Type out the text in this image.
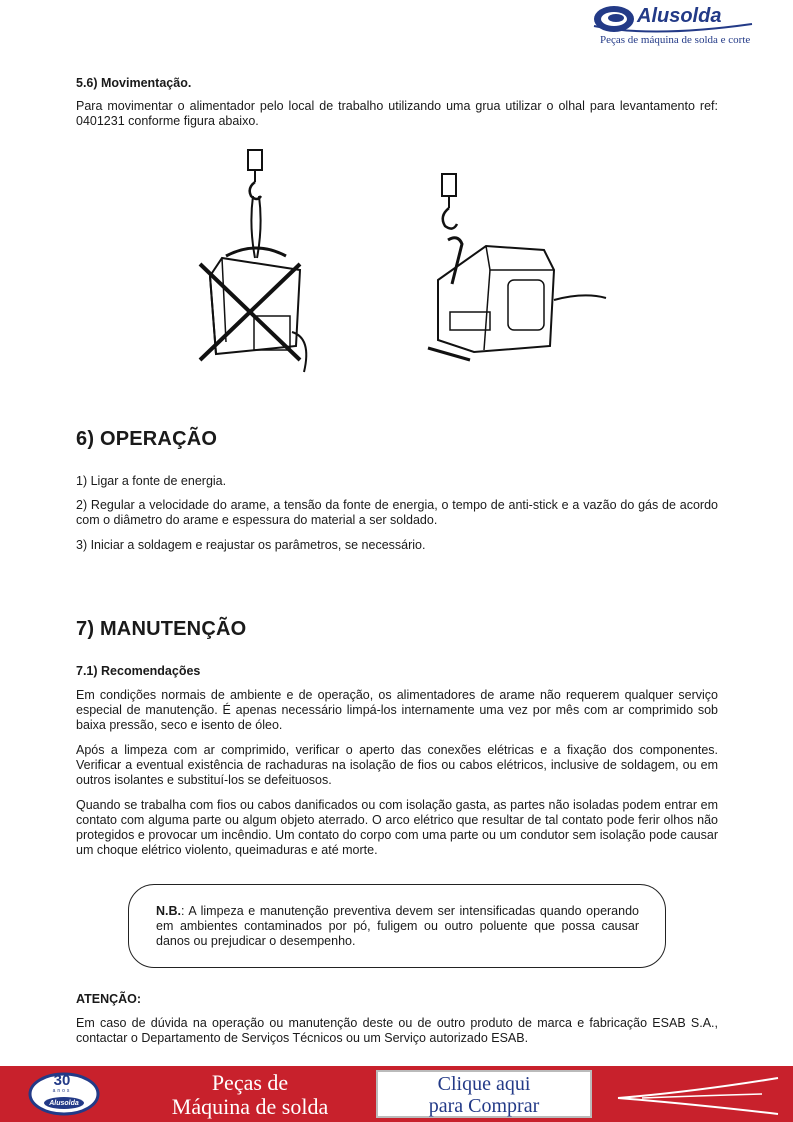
Alusolda
Peças de máquina de solda e corte
5.6) Movimentação.
Para movimentar o alimentador pelo local de trabalho utilizando uma grua utilizar o olhal para levantamento ref: 0401231 conforme figura abaixo.
6) OPERAÇÃO
1) Ligar a fonte de energia.
2) Regular a velocidade do arame, a tensão da fonte de energia, o tempo de anti-stick e a vazão do gás de acordo com o diâmetro do arame e espessura do material a ser soldado.
3) Iniciar a soldagem e reajustar os parâmetros, se necessário.
7) MANUTENÇÃO
7.1) Recomendações
Em condições normais de ambiente e de operação, os alimentadores de arame não requerem qualquer serviço especial de manutenção. É apenas necessário limpá-los internamente uma vez por mês com ar comprimido sob baixa pressão, seco e isento de óleo.
Após a limpeza com ar comprimido, verificar o aperto das conexões elétricas e a fixação dos componentes. Verificar a eventual existência de rachaduras na isolação de fios ou cabos elétricos, inclusive de soldagem, ou em outros isolantes e substituí-los se defeituosos.
Quando se trabalha com fios ou cabos danificados ou com isolação gasta, as partes não isoladas podem entrar em contato com alguma parte ou algum objeto aterrado. O arco elétrico que resultar de tal contato pode ferir olhos não protegidos e provocar um incêndio. Um contato do corpo com uma parte ou um condutor sem isolação pode causar um choque elétrico violento, queimaduras e até morte.
N.B.: A limpeza e manutenção preventiva devem ser intensificadas quando operando em ambientes contaminados por pó, fuligem ou outro poluente que possa causar danos ou prejudicar o desempenho.
ATENÇÃO:
Em caso de dúvida na operação ou manutenção deste ou de outro produto de marca e fabricação ESAB S.A., contactar o Departamento de Serviços Técnicos ou um Serviço autorizado ESAB.
30
anos
Alusolda
Peças de
Máquina de solda
Clique aqui
para Comprar
